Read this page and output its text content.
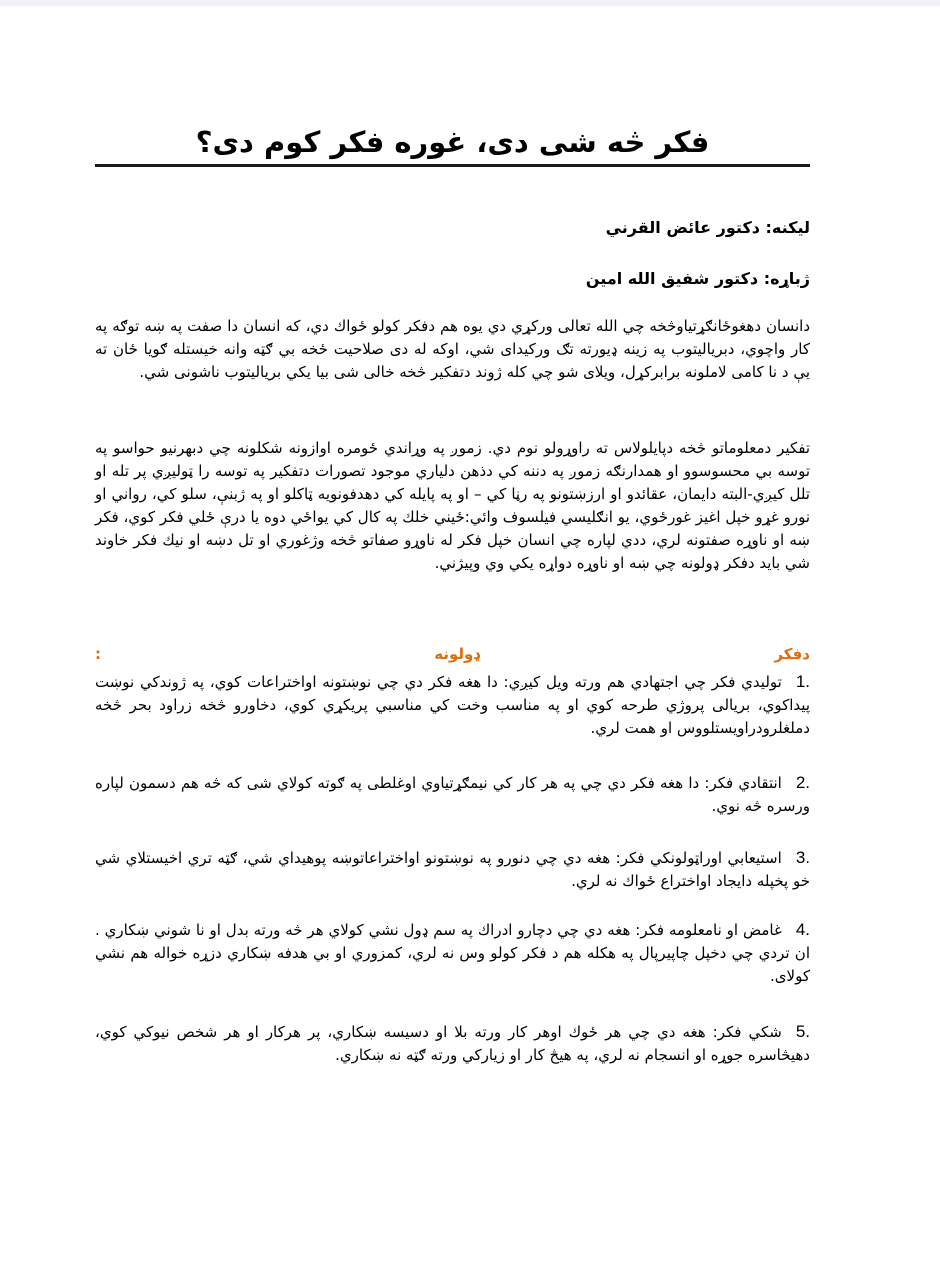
فکر څه شی دی، غوره فکر کوم دی؟
لیکنه: دکتور عائض القرني
ژباړه: دکتور شفيق الله امين
دانسان دهغوځانګړتياوڅخه چي الله تعالى ورکړي دي يوه هم دفکر کولو ځواك دي، که انسان دا صفت په ښه توګه په کار واچوي، دبرياليتوب په زينه ډيورته تګ ورکيداى شي، اوکه له دى صلاحيت ځخه بي ګټه وانه خيستله ګويا ځان ته يې د نا کامى لاملونه برابرکړل، ويلاى شو چي کله ژوند دتفکير څخه خالى شى بيا يکي برياليتوب ناشونى شي.
تفکير دمعلوماتو څخه دپايلولاس ته راوړولو نوم دي. زموږ په وړاندي ځومره اوازونه شکلونه چي دبهرنيو حواسو په توسه بي محسوسوو او همدارنګه زموږ په دننه کي دذهن دلياري موجود تصورات دتفکير په توسه را ټوليږي پر تله او تلل کيږي-البته دايمان، عقائدو او ارزښتونو په رڼا کي – او په پايله کي دهدفونويه ټاکلو او په ژبنې، سلو کي، رواني او نورو غړو خپل اغيز غورځوي، يو انګليسي فيلسوف وائي:ځيني خلك په کال کي يواځي دوه يا درې ځلي فکر کوي، فکر ښه او ناوړه صفتونه لري، ددي لپاره چي انسان خپل فکر له ناوړو صفاتو څخه وژغوري او تل دښه او نيك فکر خاوند شي بايد دفکر ډولونه چي ښه او ناوړه دواړه يکي وي وپيژني.
دفکر
ډولونه
:
1.توليدي فکر چي اجتهادي هم ورته ويل کيږي: دا هغه فکر دي چي نوښتونه اواختراعات کوي، په ژوندکي نوښت پيداکوي، بريالى پروژي طرحه کوي او په مناسب وخت کي مناسبي پريکړي کوي، دخاورو څخه زراود بحر څخه دملغلرودراويستلووس او همت لري.
2.انتقادي فکر: دا هغه فکر دي چي په هر کار کي نيمګړتياوي اوغلطى په ګوته کولاي شى که څه هم دسمون لپاره ورسره څه نوي.
3.استيعابي اوراټولونکي فکر: هغه دي چي دنورو په نوښتونو اواختراعاتوښه پوهيداي شي، ګټه تري اخيستلاي شي خو پخپله دايجاد اواختراع ځواك نه لري.
4.غامض او نامعلومه فکر: هغه دي چي دچارو ادراك په سم ډول نشي کولاي هر څه ورته بدل او نا شوني ښکاري . ان تردي چي دخپل چاپيرپال په هکله هم د فکر کولو وس نه لري، کمزوري او بي هدفه ښکاري دزړه خواله هم نشي کولاى.
5.شکي فکر: هغه دي چي هر ځوك اوهر کار ورته بلا او دسيسه ښکاري، پر هرکار او هر شخص نيوکي کوي، دهيڅاسره جوړه او انسجام نه لري، په هيڅ کار او زيارکي ورته ګټه نه ښکاري.
